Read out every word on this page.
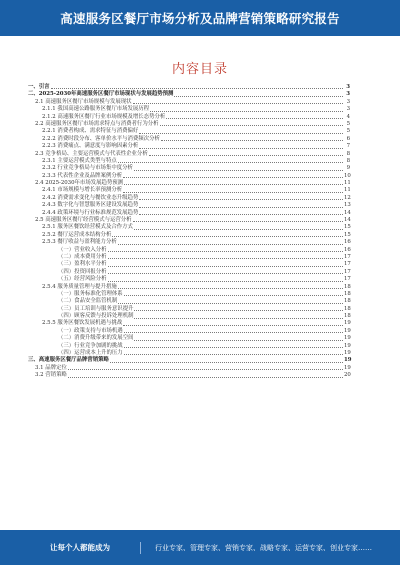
高速服务区餐厅市场分析及品牌营销策略研究报告
内容目录
一、引言	3
二、2025-2030年高速服务区餐厅市场现状与发展趋势预测	3
2.1 高速服务区餐厅市场规模与发展现状	3
2.1.1 我国高速公路服务区餐厅市场发展历程	3
2.1.2 高速服务区餐厅行业市场规模及增长态势分析	4
2.2 高速服务区餐厅市场需求特点与消费者行为分析	5
2.2.1 消费者构成、需求特征与消费偏好	5
2.2.2 消费时段分布、客单价水平与消费频次分析	6
2.2.3 消费痛点、满意度与影响因素分析	7
2.3 竞争格局、主要运营模式与代表性企业分析	8
2.3.1 主要运营模式类型与特点	8
2.3.2 行业竞争格局与市场集中度分析	9
2.3.3 代表性企业及品牌案例分析	10
2.4 2025-2030年市场发展趋势预测	11
2.4.1 市场规模与增长率预测分析	11
2.4.2 消费需求变化与餐饮业态升级趋势	12
2.4.3 数字化与智慧服务区建设发展趋势	13
2.4.4 政策环境与行业标准规范发展趋势	14
2.5 高速服务区餐厅经营模式与运营分析	14
2.5.1 服务区餐饮经营模式及合作方式	15
2.5.2 餐厅运营成本结构分析	15
2.5.3 餐厅收益与盈利能力分析	16
（一）营业收入分析	16
（二）成本费用分析	17
（三）盈利水平分析	17
（四）投资回报分析	17
（五）经营风险分析	17
2.5.4 服务质量管理与提升措施	18
（一）服务标准化管理体系	18
（二）食品安全监管机制	18
（三）员工培训与服务意识提升	18
（四）顾客反馈与投诉处理机制	18
2.5.5 服务区餐饮发展机遇与挑战	19
（一）政策支持与市场机遇	19
（二）消费升级带来的发展空间	19
（三）行业竞争加剧的挑战	19
（四）运营成本上升的压力	19
三、高速服务区餐厅品牌营销策略	19
3.1 品牌定位	19
3.2 营销策略	20
让每个人都能成为	行业专家、管理专家、营销专家、战略专家、运营专家、创业专家……
